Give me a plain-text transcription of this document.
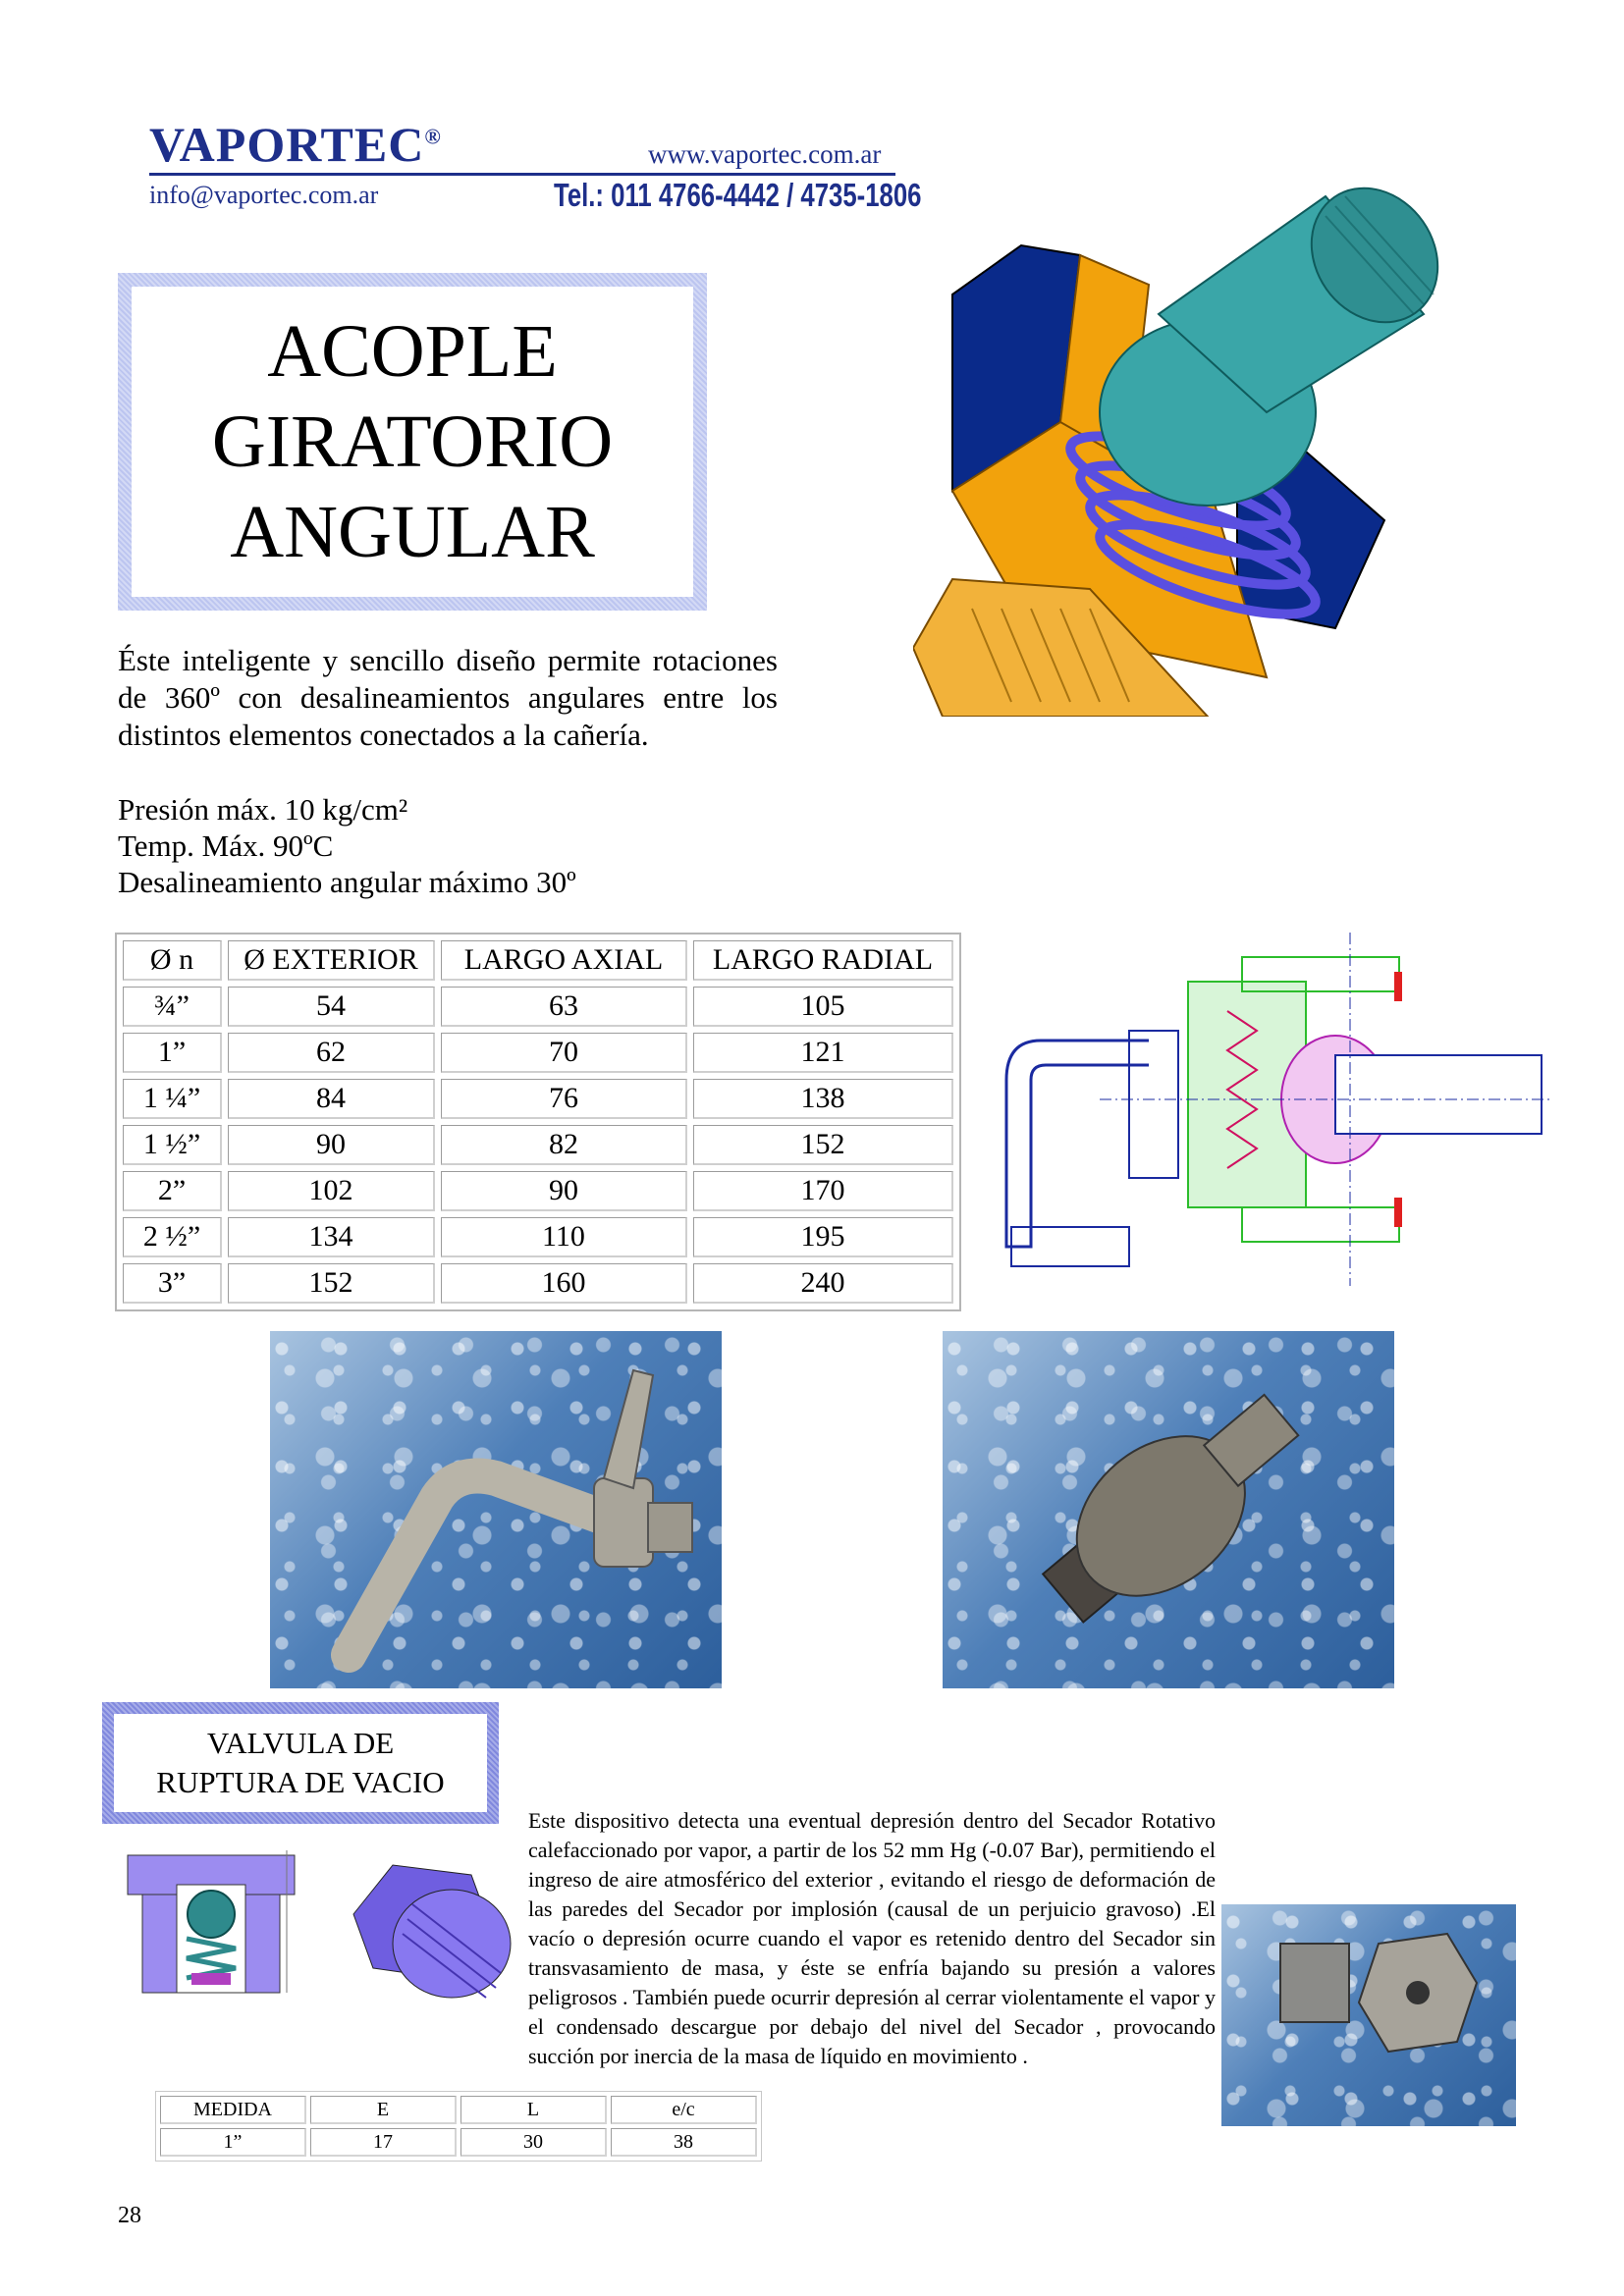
VAPORTEC®
www.vaportec.com.ar
info@vaportec.com.ar	Tel.: 011 4766-4442 / 4735-1806
ACOPLE
GIRATORIO
ANGULAR
Éste inteligente y sencillo diseño permite rotaciones de 360º con desalineamientos angulares entre los distintos elementos conectados a la cañería.
Presión máx. 10 kg/cm²
Temp. Máx. 90ºC
Desalineamiento angular máximo 30º
Ø n	Ø EXTERIOR	LARGO AXIAL	LARGO RADIAL
¾”	54	63	105
1”	62	70	121
1 ¼”	84	76	138
1 ½”	90	82	152
2”	102	90	170
2 ½”	134	110	195
3”	152	160	240
VALVULA DE
RUPTURA DE VACIO
Este dispositivo detecta una eventual depresión dentro del Secador Rotativo calefaccionado por vapor, a partir de los 52 mm Hg (-0.07 Bar), permitiendo el ingreso de aire atmosférico del exterior , evitando el riesgo de deformación de las paredes del Secador por implosión (causal de un perjuicio gravoso) .El vacío o depresión ocurre cuando el vapor es retenido dentro del Secador sin transvasamiento de masa, y éste se enfría bajando su presión a valores peligrosos . También puede ocurrir depresión al cerrar violentamente el vapor y el condensado descargue por debajo del nivel del Secador , provocando succión por inercia de la masa de líquido en movimiento .
MEDIDA	E	L	e/c
1”	17	30	38
28
